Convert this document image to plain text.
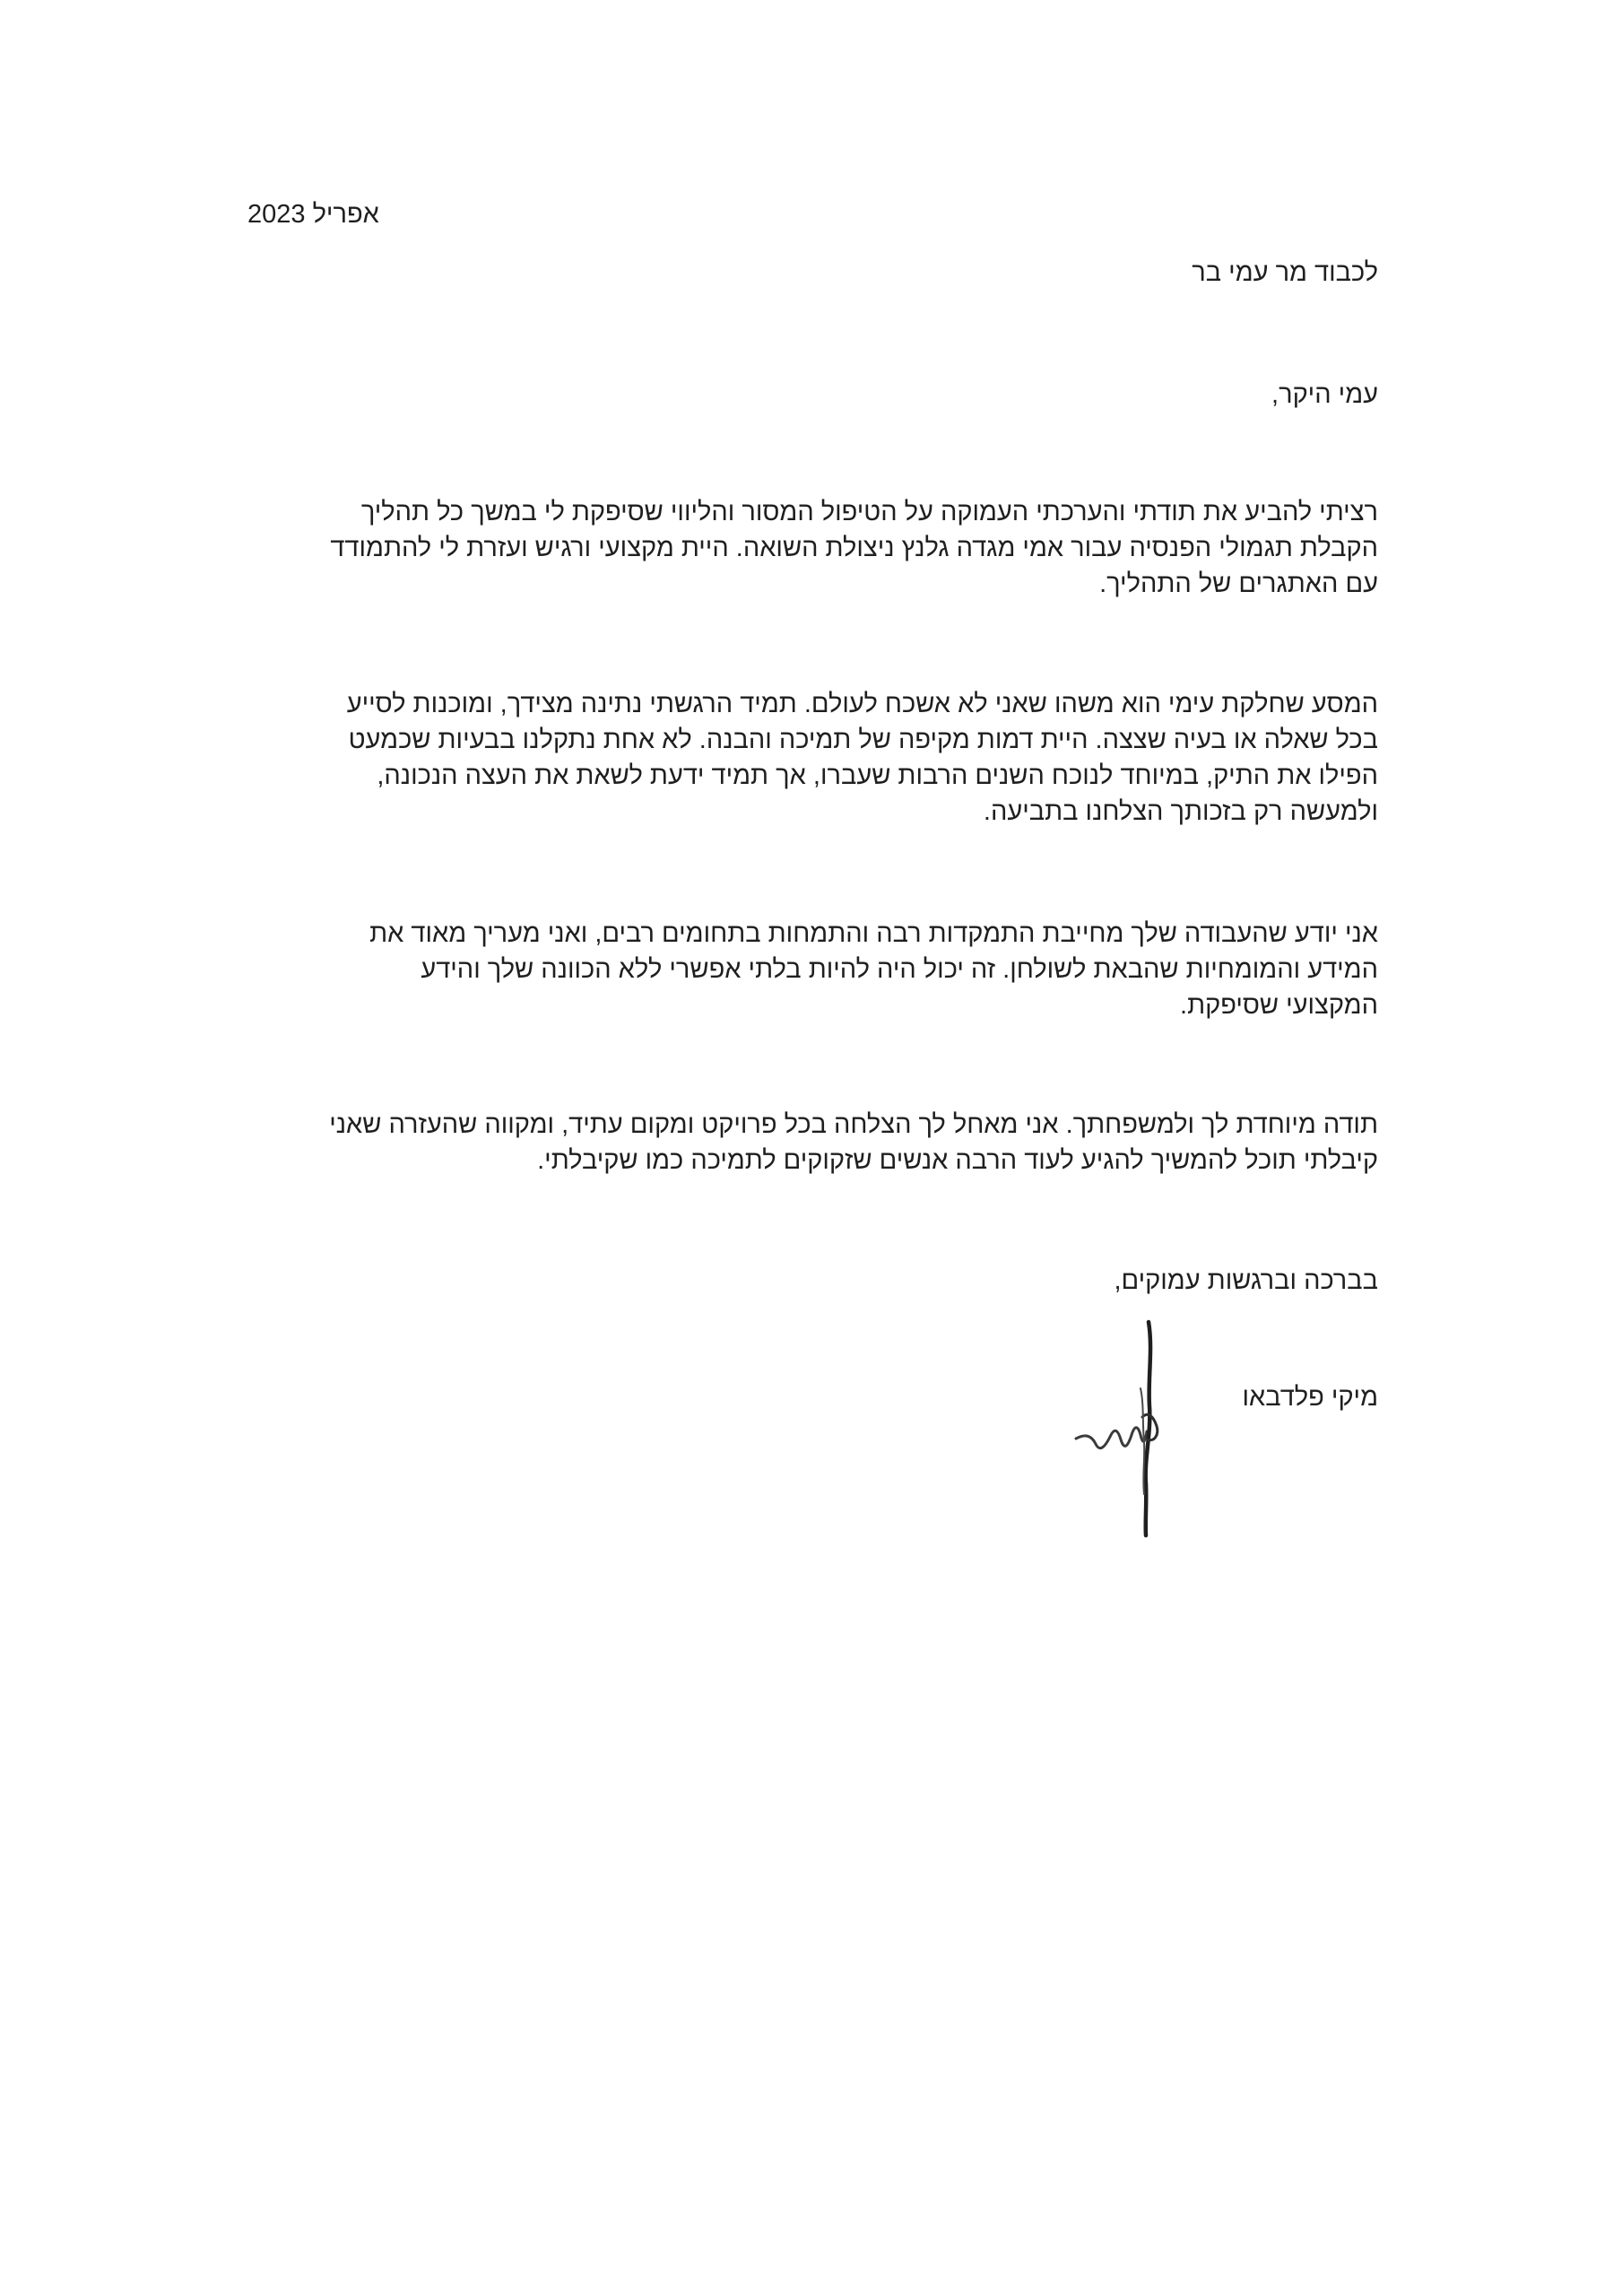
אפריל 2023
לכבוד מר עמי בר
עמי היקר,
רציתי להביע את תודתי והערכתי העמוקה על הטיפול המסור והליווי שסיפקת לי במשך כל תהליך
הקבלת תגמולי הפנסיה עבור אמי מגדה גלנץ ניצולת השואה. היית מקצועי ורגיש ועזרת לי להתמודד
עם האתגרים של התהליך.
המסע שחלקת עימי הוא משהו שאני לא אשכח לעולם. תמיד הרגשתי נתינה מצידך, ומוכנות לסייע
בכל שאלה או בעיה שצצה. היית דמות מקיפה של תמיכה והבנה. לא אחת נתקלנו בבעיות שכמעט
הפילו את התיק, במיוחד לנוכח השנים הרבות שעברו, אך תמיד ידעת לשאת את העצה הנכונה,
ולמעשה רק בזכותך הצלחנו בתביעה.
אני יודע שהעבודה שלך מחייבת התמקדות רבה והתמחות בתחומים רבים, ואני מעריך מאוד את
המידע והמומחיות שהבאת לשולחן. זה יכול היה להיות בלתי אפשרי ללא הכוונה שלך והידע
המקצועי שסיפקת.
תודה מיוחדת לך ולמשפחתך. אני מאחל לך הצלחה בכל פרויקט ומקום עתיד, ומקווה שהעזרה שאני
קיבלתי תוכל להמשיך להגיע לעוד הרבה אנשים שזקוקים לתמיכה כמו שקיבלתי.
בברכה וברגשות עמוקים,
מיקי פלדבאו
